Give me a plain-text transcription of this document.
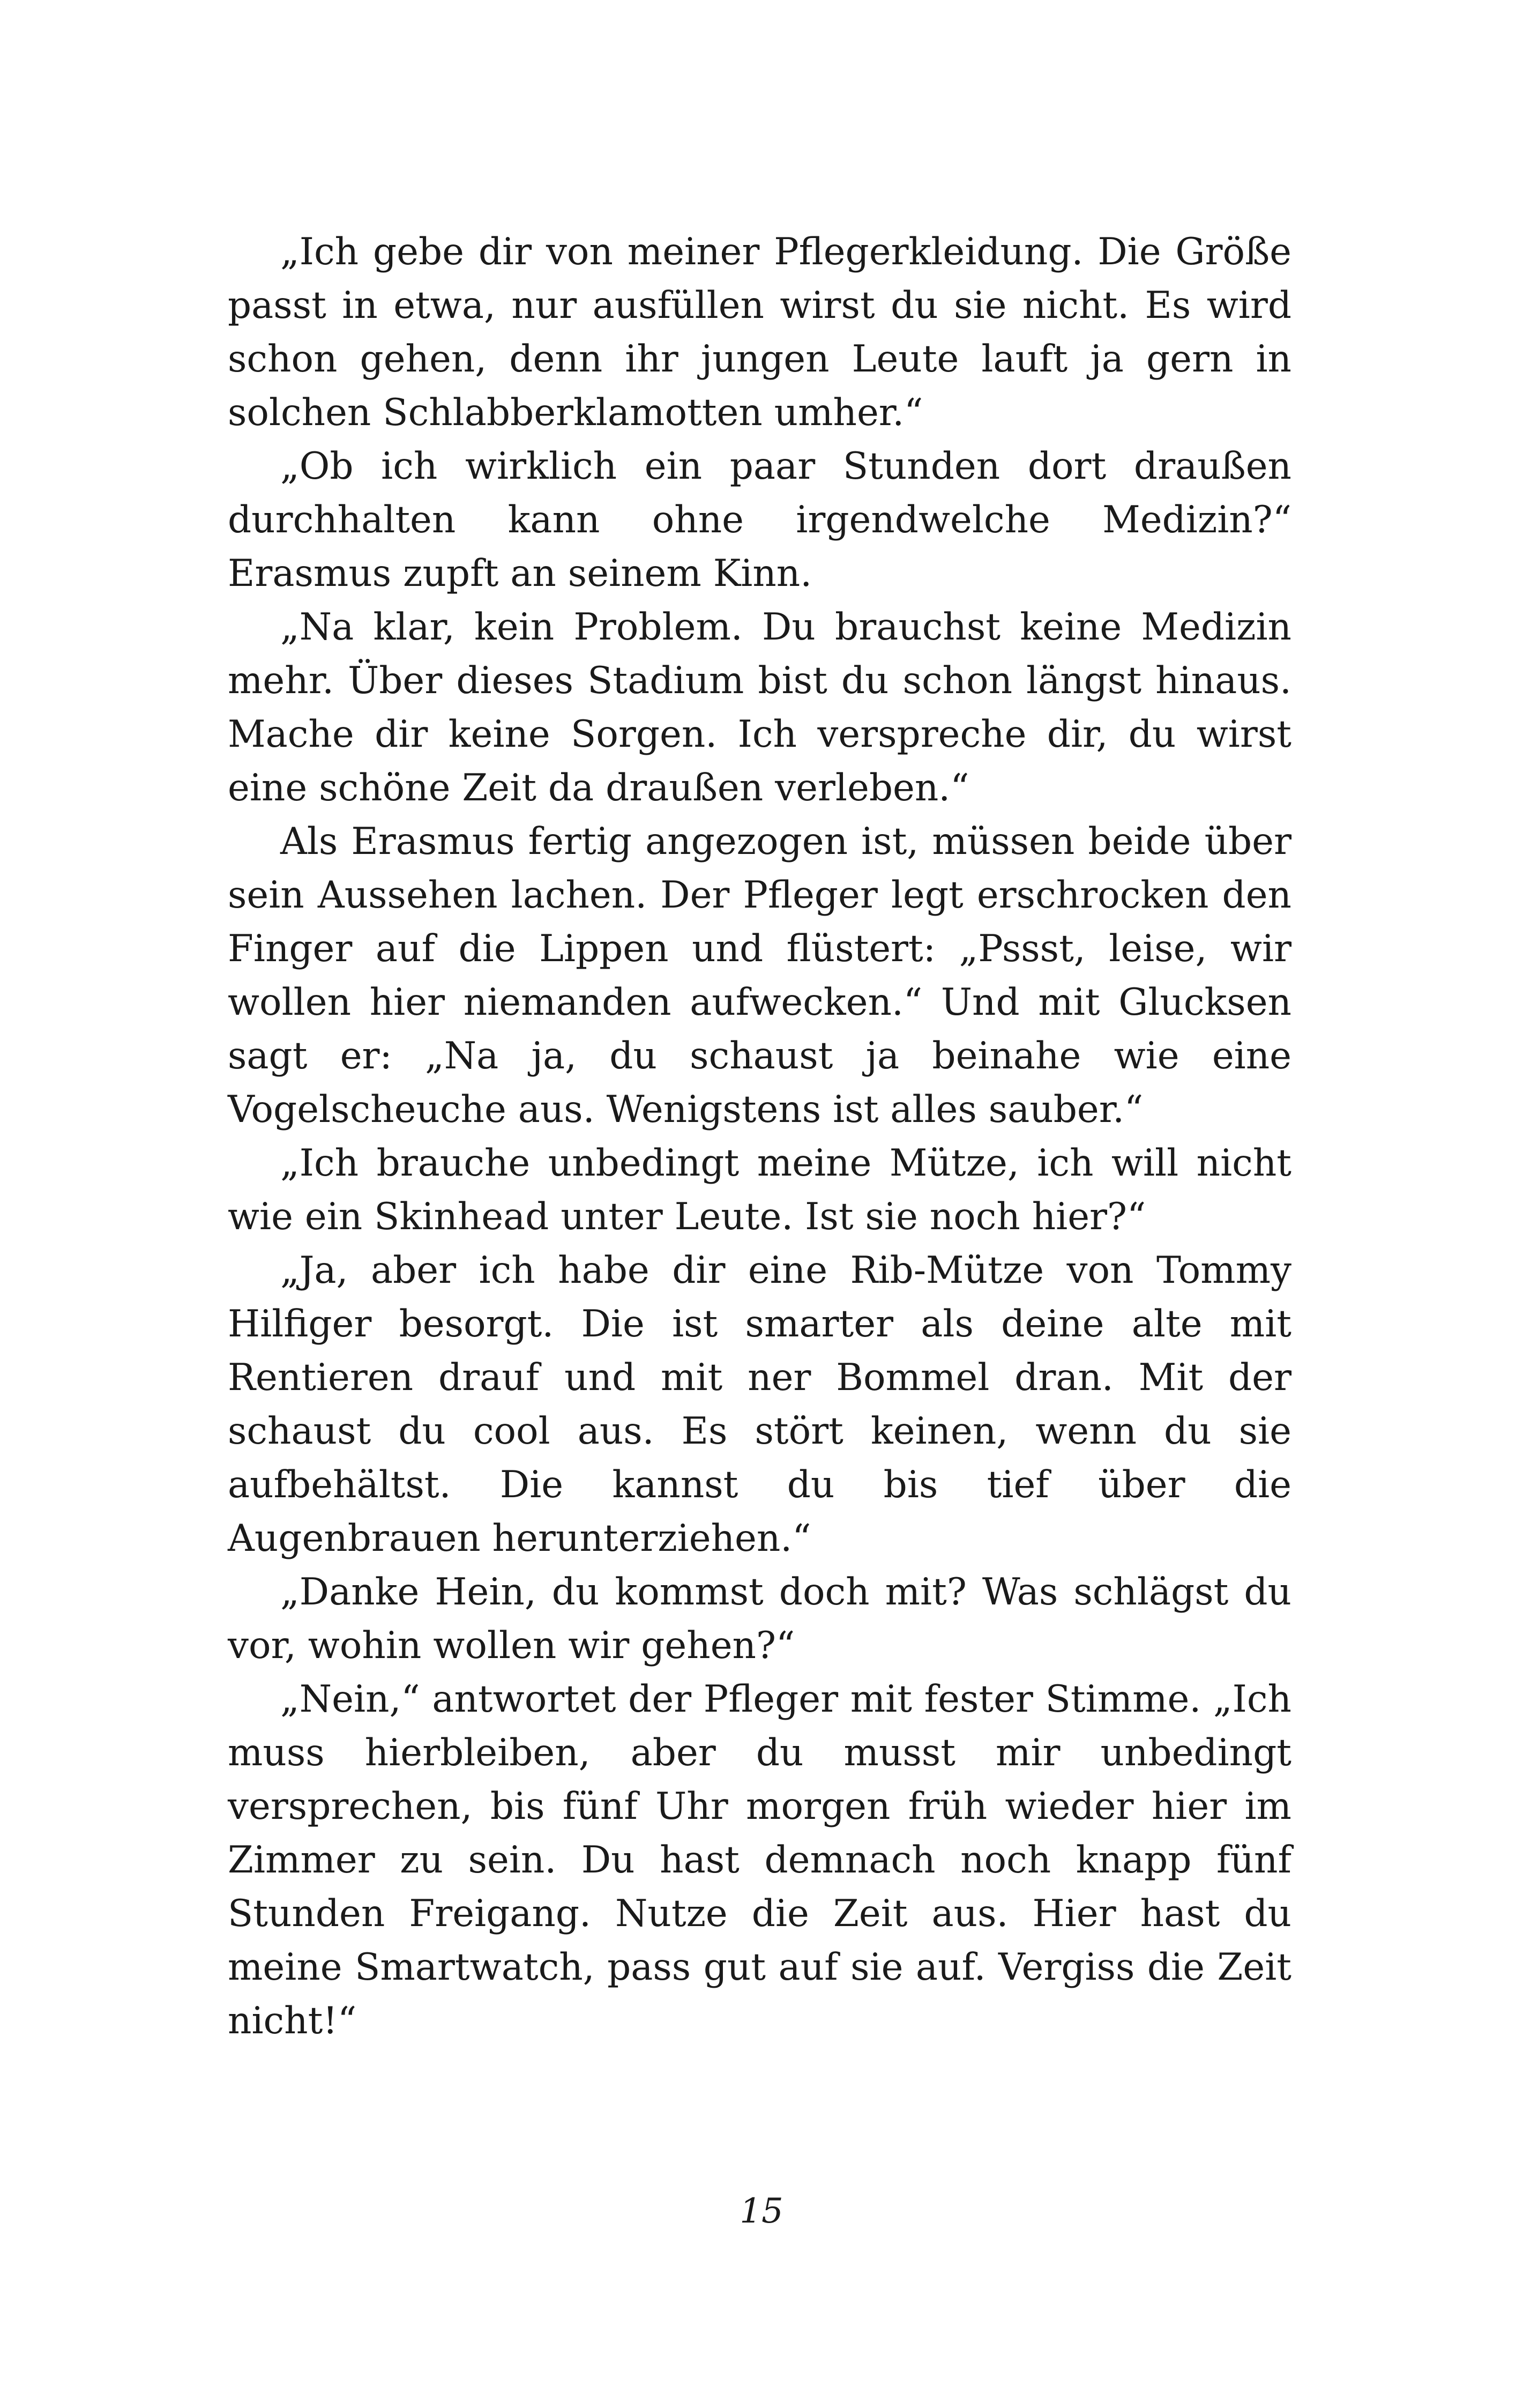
„Ich gebe dir von meiner Pflegerkleidung. Die Größe passt in etwa, nur ausfüllen wirst du sie nicht. Es wird schon gehen, denn ihr jungen Leute lauft ja gern in solchen Schlabberklamotten umher.“

„Ob ich wirklich ein paar Stunden dort draußen durchhalten kann ohne irgendwelche Medizin?“ Erasmus zupft an seinem Kinn.

„Na klar, kein Problem. Du brauchst keine Medizin mehr. Über dieses Stadium bist du schon längst hinaus. Mache dir keine Sorgen. Ich verspreche dir, du wirst eine schöne Zeit da draußen verleben.“

Als Erasmus fertig angezogen ist, müssen beide über sein Aussehen lachen. Der Pfleger legt erschrocken den Finger auf die Lippen und flüstert: „Pssst, leise, wir wollen hier niemanden aufwecken.“ Und mit Glucksen sagt er: „Na ja, du schaust ja beinahe wie eine Vogelscheuche aus. Wenigstens ist alles sauber.“

„Ich brauche unbedingt meine Mütze, ich will nicht wie ein Skinhead unter Leute. Ist sie noch hier?“

„Ja, aber ich habe dir eine Rib-Mütze von Tommy Hilfiger besorgt. Die ist smarter als deine alte mit Rentieren drauf und mit ner Bommel dran. Mit der schaust du cool aus. Es stört keinen, wenn du sie aufbehältst. Die kannst du bis tief über die Augenbrauen herunterziehen.“

„Danke Hein, du kommst doch mit? Was schlägst du vor, wohin wollen wir gehen?“

„Nein,“ antwortet der Pfleger mit fester Stimme. „Ich muss hierbleiben, aber du musst mir unbedingt versprechen, bis fünf Uhr morgen früh wieder hier im Zimmer zu sein. Du hast demnach noch knapp fünf Stunden Freigang. Nutze die Zeit aus. Hier hast du meine Smartwatch, pass gut auf sie auf. Vergiss die Zeit nicht!“

15
